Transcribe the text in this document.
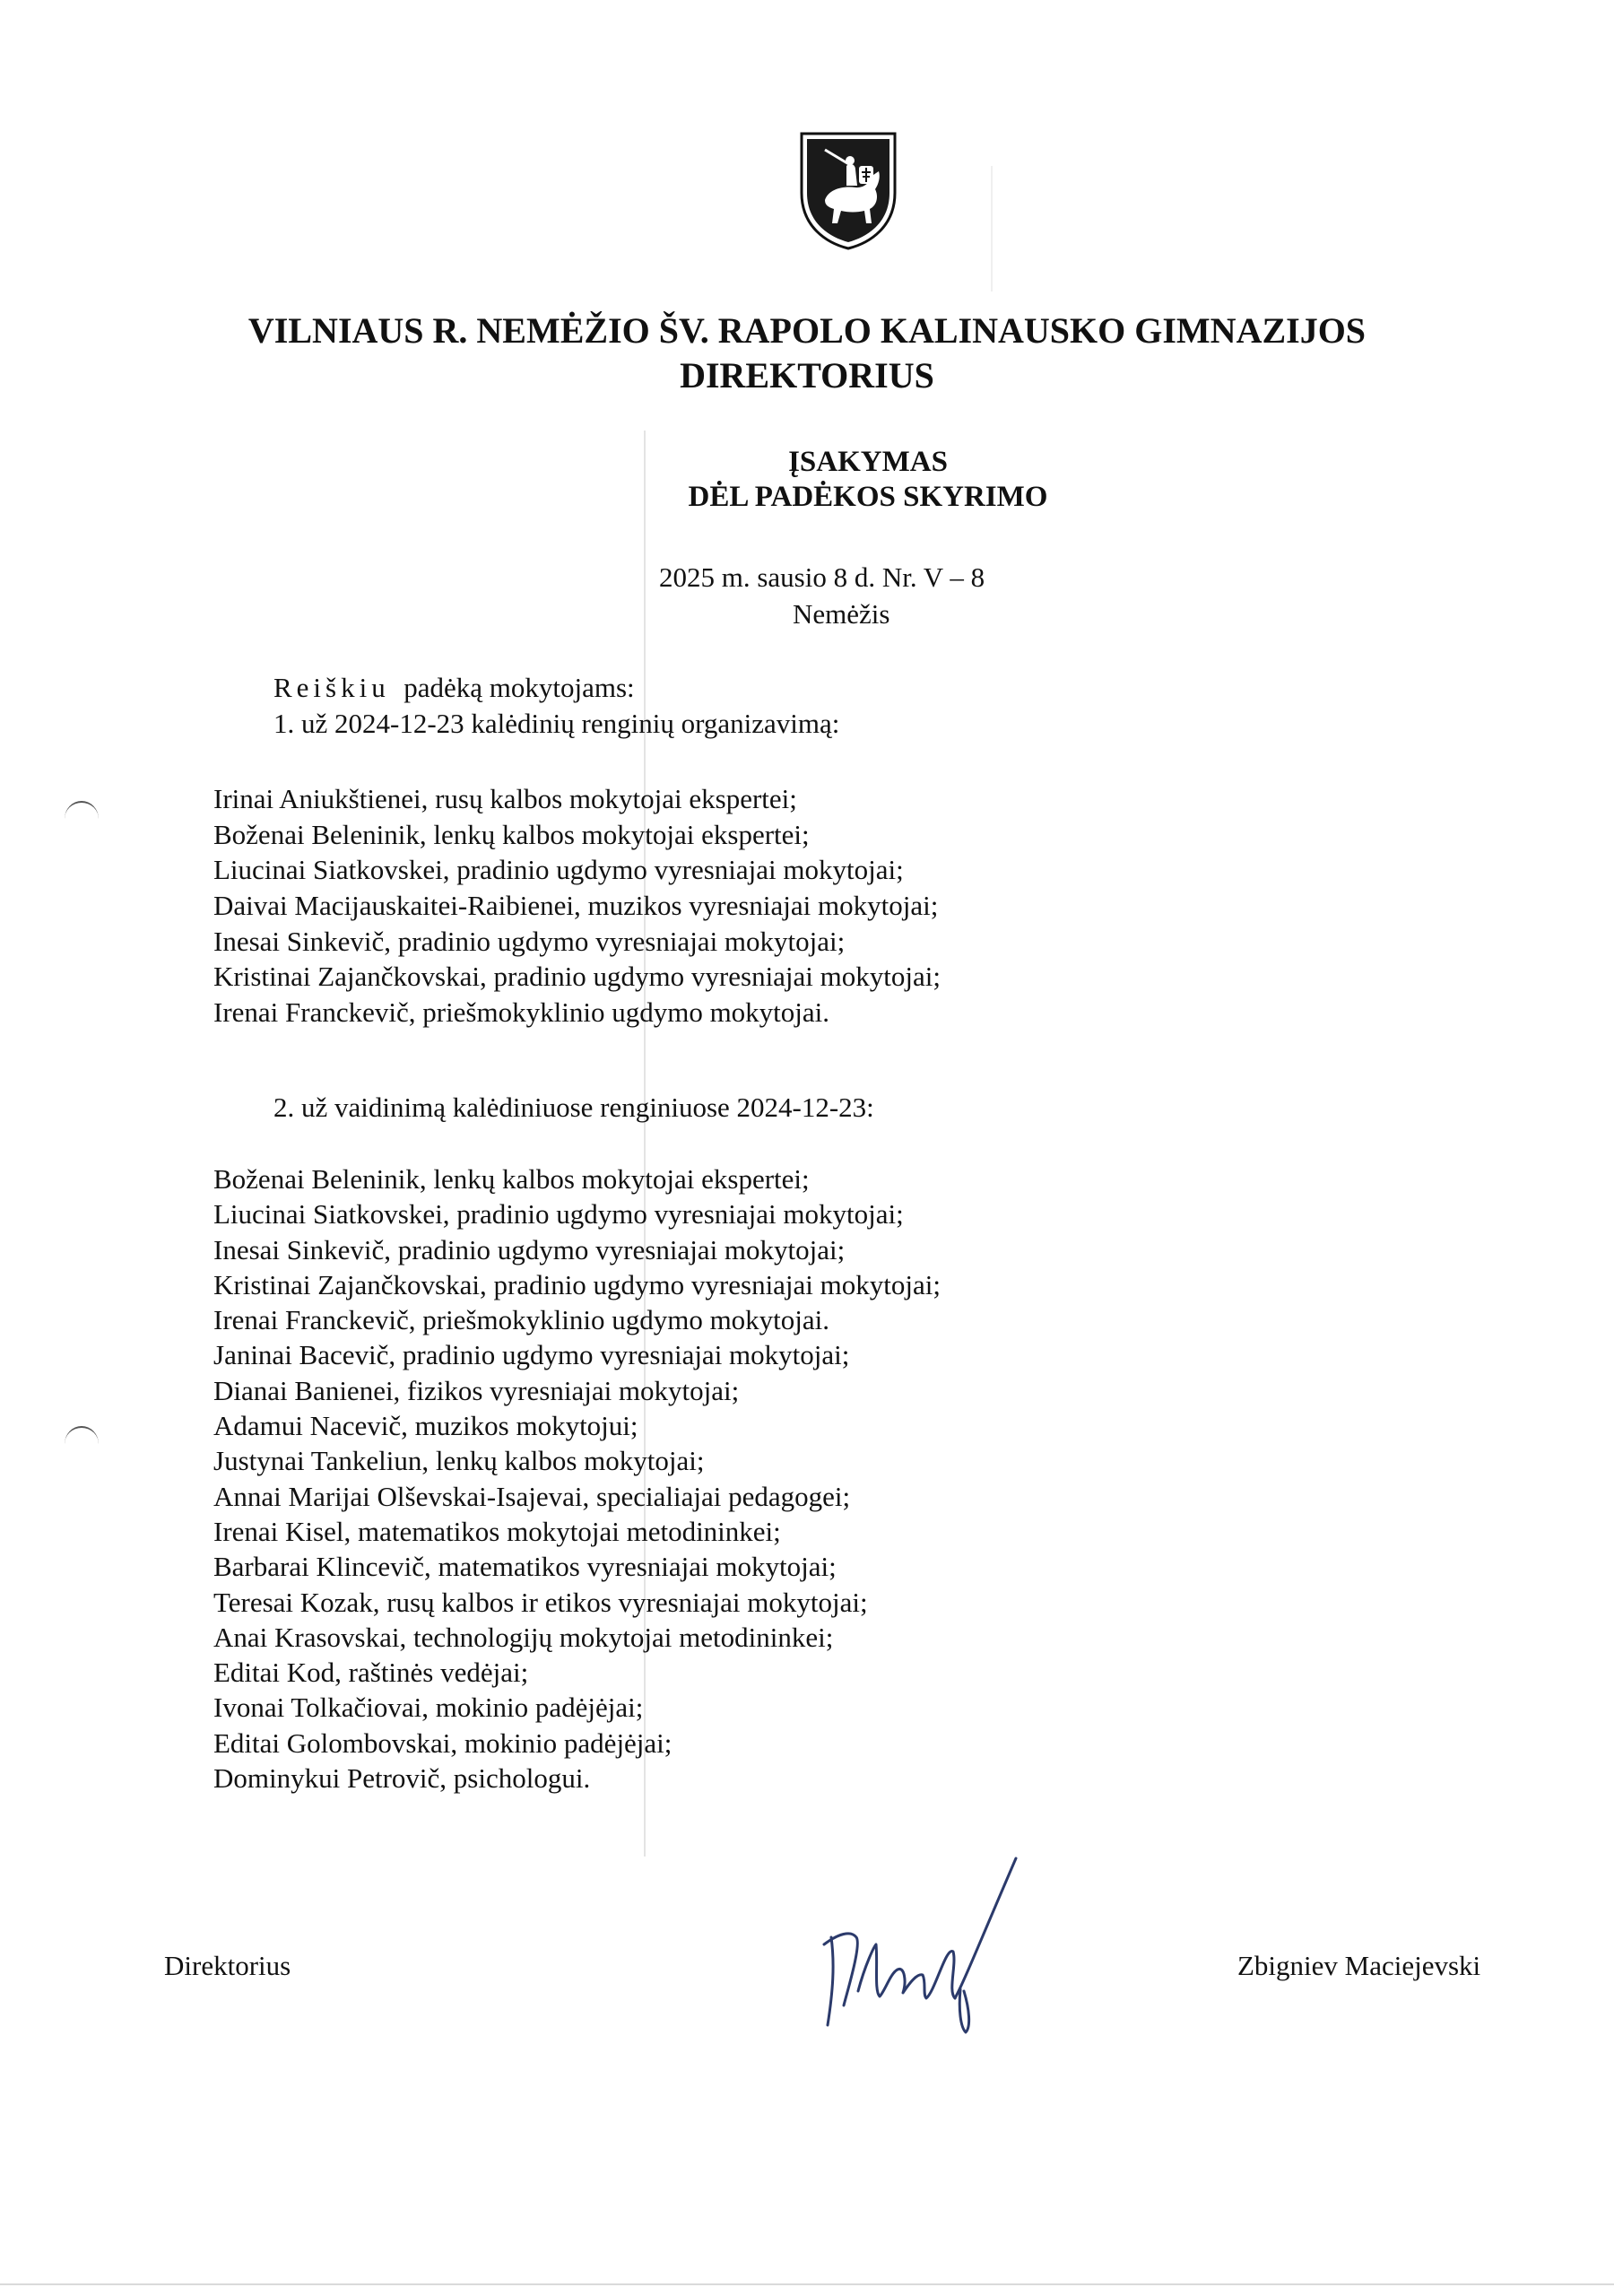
VILNIAUS R. NEMĖŽIO ŠV. RAPOLO KALINAUSKO GIMNAZIJOS
DIREKTORIUS
ĮSAKYMAS
DĖL PADĖKOS SKYRIMO
2025 m. sausio 8 d. Nr. V – 8
Nemėžis
Reiškiu padėką mokytojams:
1. už 2024-12-23 kalėdinių renginių organizavimą:
Irinai Aniukštienei, rusų kalbos mokytojai ekspertei;
Boženai Beleninik, lenkų kalbos mokytojai ekspertei;
Liucinai Siatkovskei, pradinio ugdymo vyresniajai mokytojai;
Daivai Macijauskaitei-Raibienei, muzikos vyresniajai mokytojai;
Inesai Sinkevič, pradinio ugdymo vyresniajai mokytojai;
Kristinai Zajančkovskai, pradinio ugdymo vyresniajai mokytojai;
Irenai Franckevič, priešmokyklinio ugdymo mokytojai.
2. už vaidinimą kalėdiniuose renginiuose 2024-12-23:
Boženai Beleninik, lenkų kalbos mokytojai ekspertei;
Liucinai Siatkovskei, pradinio ugdymo vyresniajai mokytojai;
Inesai Sinkevič, pradinio ugdymo vyresniajai mokytojai;
Kristinai Zajančkovskai, pradinio ugdymo vyresniajai mokytojai;
Irenai Franckevič, priešmokyklinio ugdymo mokytojai.
Janinai Bacevič, pradinio ugdymo vyresniajai mokytojai;
Dianai Banienei, fizikos vyresniajai mokytojai;
Adamui Nacevič, muzikos mokytojui;
Justynai Tankeliun, lenkų kalbos mokytojai;
Annai Marijai Olševskai-Isajevai, specialiajai pedagogei;
Irenai Kisel, matematikos mokytojai metodininkei;
Barbarai Klincevič, matematikos vyresniajai mokytojai;
Teresai Kozak, rusų kalbos ir etikos vyresniajai mokytojai;
Anai Krasovskai, technologijų mokytojai metodininkei;
Editai Kod, raštinės vedėjai;
Ivonai Tolkačiovai, mokinio padėjėjai;
Editai Golombovskai, mokinio padėjėjai;
Dominykui Petrovič, psichologui.
Direktorius	Zbigniev Maciejevski
